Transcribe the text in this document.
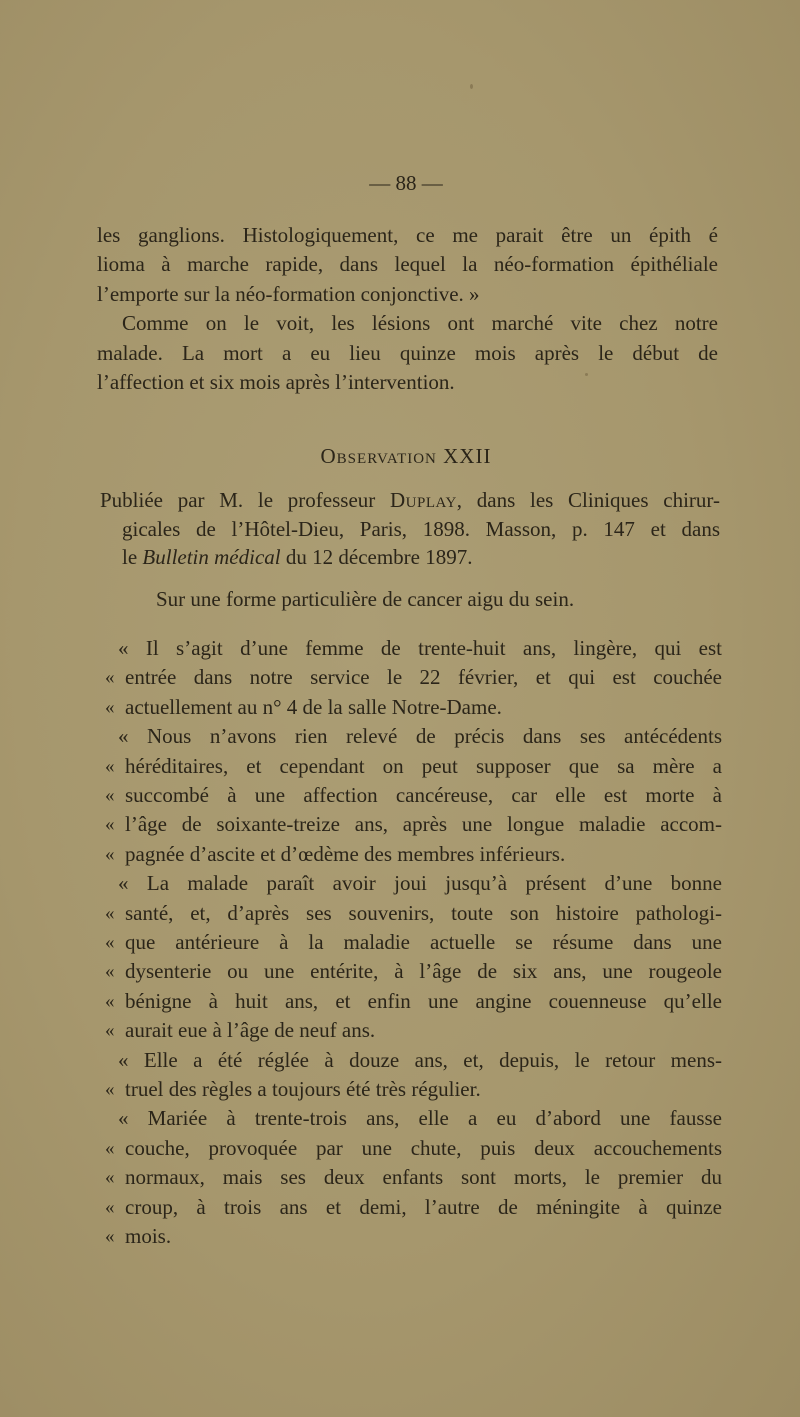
— 88 —
Observation XXII
Sur une forme particulière de cancer aigu du sein.
les ganglions. Histologiquement, ce me parait être un épith é
lioma à marche rapide, dans lequel la néo-formation épithéliale
l’emporte sur la néo-formation conjonctive. »
Comme on le voit, les lésions ont marché vite chez notre
malade. La mort a eu lieu quinze mois après le début de
l’affection et six mois après l’intervention.
Publiée par M. le professeur Duplay, dans les Cliniques chirur-
gicales de l’Hôtel-Dieu, Paris, 1898. Masson, p. 147 et dans
le Bulletin médical du 12 décembre 1897.
« Il s’agit d’une femme de trente-huit ans, lingère, qui est
« entrée dans notre service le 22 février, et qui est couchée
« actuellement au n° 4 de la salle Notre-Dame.
« Nous n’avons rien relevé de précis dans ses antécédents
« héréditaires, et cependant on peut supposer que sa mère a
« succombé à une affection cancéreuse, car elle est morte à
« l’âge de soixante-treize ans, après une longue maladie accom-
« pagnée d’ascite et d’œdème des membres inférieurs.
« La malade paraît avoir joui jusqu’à présent d’une bonne
« santé, et, d’après ses souvenirs, toute son histoire pathologi-
« que antérieure à la maladie actuelle se résume dans une
« dysenterie ou une entérite, à l’âge de six ans, une rougeole
« bénigne à huit ans, et enfin une angine couenneuse qu’elle
« aurait eue à l’âge de neuf ans.
« Elle a été réglée à douze ans, et, depuis, le retour mens-
« truel des règles a toujours été très régulier.
« Mariée à trente-trois ans, elle a eu d’abord une fausse
« couche, provoquée par une chute, puis deux accouchements
« normaux, mais ses deux enfants sont morts, le premier du
« croup, à trois ans et demi, l’autre de méningite à quinze
« mois.
